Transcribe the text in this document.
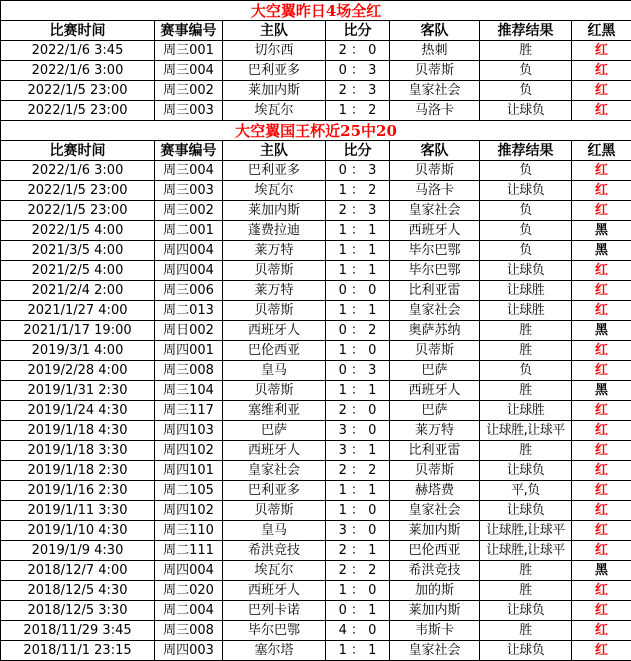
大空翼昨日4场全红						
比赛时间	赛事编号	主队	比分	客队	推荐结果	红黑
2022/1/6 3:45	周三001	切尔西	2 ： 0	热刺	胜	红
2022/1/6 3:00	周三004	巴利亚多	0 ： 3	贝蒂斯	负	红
2022/1/5 23:00	周三002	莱加内斯	2 ： 3	皇家社会	负	红
2022/1/5 23:00	周三003	埃瓦尔	1 ： 2	马洛卡	让球负	红
大空翼国王杯近25中20						
比赛时间	赛事编号	主队	比分	客队	推荐结果	红黑
2022/1/6 3:00	周三004	巴利亚多	0 ： 3	贝蒂斯	负	红
2022/1/5 23:00	周三003	埃瓦尔	1 ： 2	马洛卡	让球负	红
2022/1/5 23:00	周三002	莱加内斯	2 ： 3	皇家社会	负	红
2022/1/5 4:00	周二001	蓬费拉迪	1 ： 1	西班牙人	负	黑
2021/3/5 4:00	周四004	莱万特	1 ： 1	毕尔巴鄂	负	黑
2021/2/5 4:00	周四004	贝蒂斯	1 ： 1	毕尔巴鄂	让球负	红
2021/2/4 2:00	周三006	莱万特	0 ： 0	比利亚雷	让球胜	红
2021/1/27 4:00	周二013	贝蒂斯	1 ： 1	皇家社会	让球胜	红
2021/1/17 19:00	周日002	西班牙人	0 ： 2	奥萨苏纳	胜	黑
2019/3/1 4:00	周四001	巴伦西亚	1 ： 0	贝蒂斯	胜	红
2019/2/28 4:00	周三008	皇马	0 ： 3	巴萨	负	红
2019/1/31 2:30	周三104	贝蒂斯	1 ： 1	西班牙人	胜	黑
2019/1/24 4:30	周三117	塞维利亚	2 ： 0	巴萨	让球胜	红
2019/1/18 4:30	周四103	巴萨	3 ： 0	莱万特	让球胜,让球平	红
2019/1/18 3:30	周四102	西班牙人	3 ： 1	比利亚雷	胜	红
2019/1/18 2:30	周四101	皇家社会	2 ： 2	贝蒂斯	让球负	红
2019/1/16 2:30	周二105	巴利亚多	1 ： 1	赫塔费	平,负	红
2019/1/11 3:30	周四102	贝蒂斯	1 ： 0	皇家社会	让球负	红
2019/1/10 4:30	周三110	皇马	3 ： 0	莱加内斯	让球胜,让球平	红
2019/1/9 4:30	周二111	希洪竞技	2 ： 1	巴伦西亚	让球胜,让球平	红
2018/12/7 4:00	周四004	埃瓦尔	2 ： 2	希洪竞技	胜	黑
2018/12/5 4:30	周二020	西班牙人	1 ： 0	加的斯	胜	红
2018/12/5 3:30	周二004	巴列卡诺	0 ： 1	莱加内斯	让球负	红
2018/11/29 3:45	周三008	毕尔巴鄂	4 ： 0	韦斯卡	胜	红
2018/11/1 23:15	周四003	塞尔塔	1 ： 1	皇家社会	让球负	红
